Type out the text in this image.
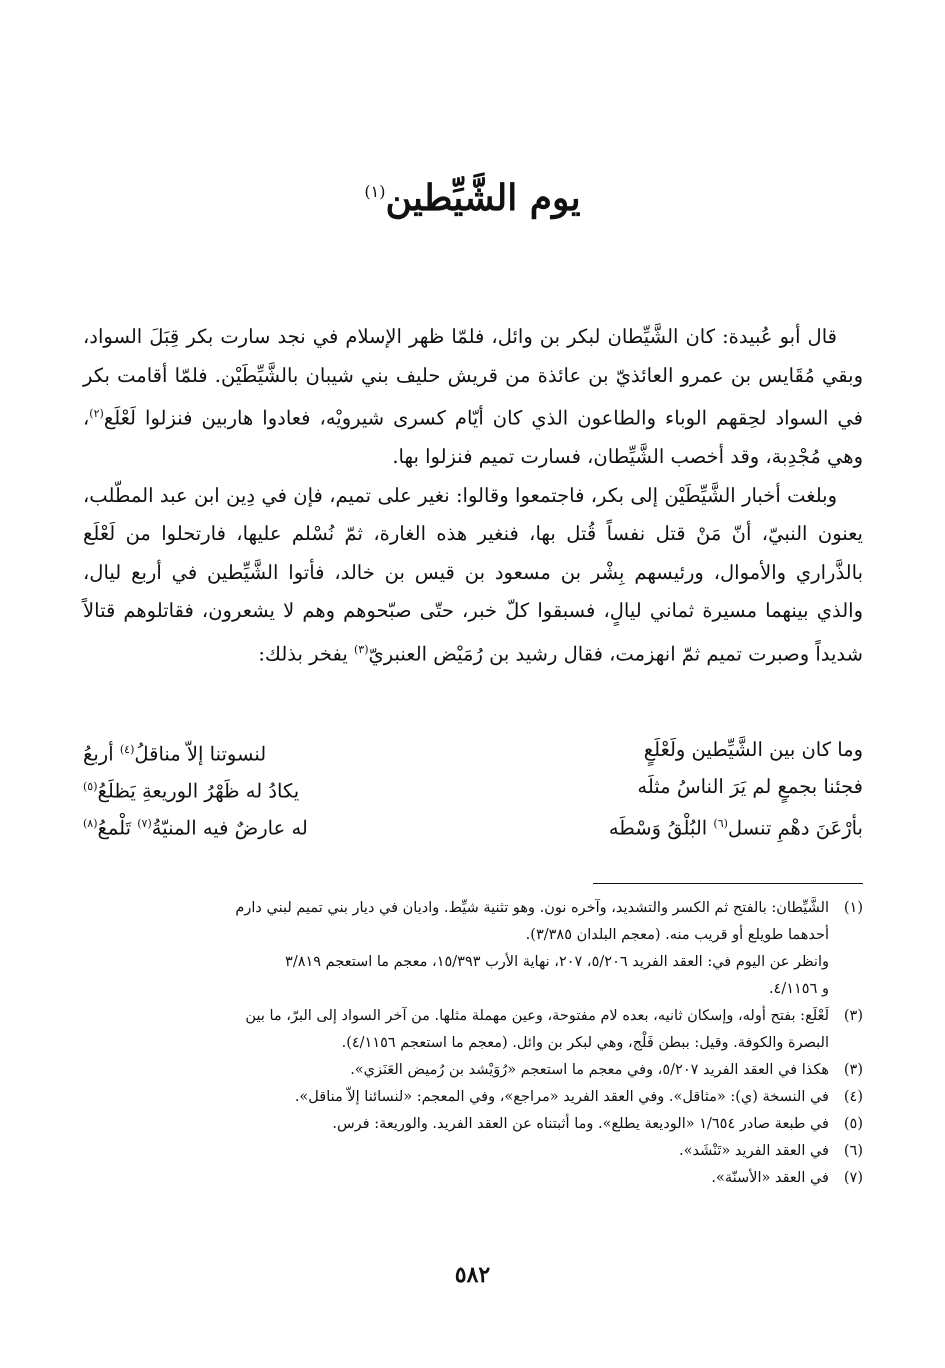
يوم الشَّيِّطين$^{(١)}$

قال أبو عُبيدة: كان الشَّيِّطان لبكر بن وائل، فلمّا ظهر الإسلام في نجد سارت بكر قِبَلَ السواد، وبقي مُقَايس بن عمرو العائذيّ بن عائذة من قريش حليف بني شيبان بالشَّيِّطَيْن. فلمّا أقامت بكر في السواد لحِقهم الوباء والطاعون الذي كان أيّام كسرى شيرويْه، فعادوا هاربين فنزلوا لَعْلَع$^{(٢)}$، وهي مُجْدِبة، وقد أخصب الشَّيِّطان، فسارت تميم فنزلوا بها.

وبلغت أخبار الشَّيِّطَيْن إلى بكر، فاجتمعوا وقالوا: نغير على تميم، فإن في دِين ابن عبد المطّلب، يعنون النبيّ، أنّ مَنْ قتل نفساً قُتل بها، فنغير هذه الغارة، ثمّ نُسْلم عليها، فارتحلوا من لَعْلَع بالذَّراري والأموال، ورئيسهم بِشْر بن مسعود بن قيس بن خالد، فأتوا الشَّيِّطين في أربع ليال، والذي بينهما مسيرة ثماني ليالٍ، فسبقوا كلّ خبر، حتّى صبّحوهم وهم لا يشعرون، فقاتلوهم قتالاً شديداً وصبرت تميم ثمّ انهزمت، فقال رشيد بن رُمَيْض العنبريّ$^{(٣)}$ يفخر بذلك:

وما كان بين الشَّيِّطين ولَعْلَعٍ
لنسوتنا إلاّ مناقلُ$^{(٤)}$ أربعُ
فجئنا بجمعٍ لم يَرَ الناسُ مثلَه
يكادُ له ظَهْرُ الوريعةِ يَظلَعُ$^{(٥)}$
بأرْعَنَ دهْمٍ تنسل$^{(٦)}$ البُلْقُ وَسْطَه
له عارضٌ فيه المنيّةُ$^{(٧)}$ تَلْمعُ$^{(٨)}$
(١)
الشَّيِّطان: بالفتح ثم الكسر والتشديد، وآخره نون. وهو تثنية شيِّط. واديان في ديار بني تميم لبني دارم
أحدهما طويلع أو قريب منه. (معجم البلدان ٣/٣٨٥).
وانظر عن اليوم في: العقد الفريد ٥/٢٠٦، ٢٠٧، نهاية الأرب ١٥/٣٩٣، معجم ما استعجم ٣/٨١٩
و ٤/١١٥٦.
(٣)
لَعْلَع: بفتح أوله، وإسكان ثانيه، بعده لام مفتوحة، وعين مهملة مثلها. من آخر السواد إلى البرّ، ما بين
البصرة والكوفة. وقيل: ببطن فَلْج، وهي لبكر بن وائل. (معجم ما استعجم ٤/١١٥٦).
(٣)
هكذا في العقد الفريد ٥/٢٠٧، وفي معجم ما استعجم «رُوَيْشد بن رُميض العَنَزي».
(٤)
في النسخة (ي): «مثاقل». وفي العقد الفريد «مراجع»، وفي المعجم: «لنسائنا إلاّ مناقل».
(٥)
في طبعة صادر ١/٦٥٤ «الوديعة يطلع». وما أثبتناه عن العقد الفريد. والوريعة: فرس.
(٦)
في العقد الفريد «تَنْشَد».
(٧)
في العقد «الأسنّة».
٥٨٢
